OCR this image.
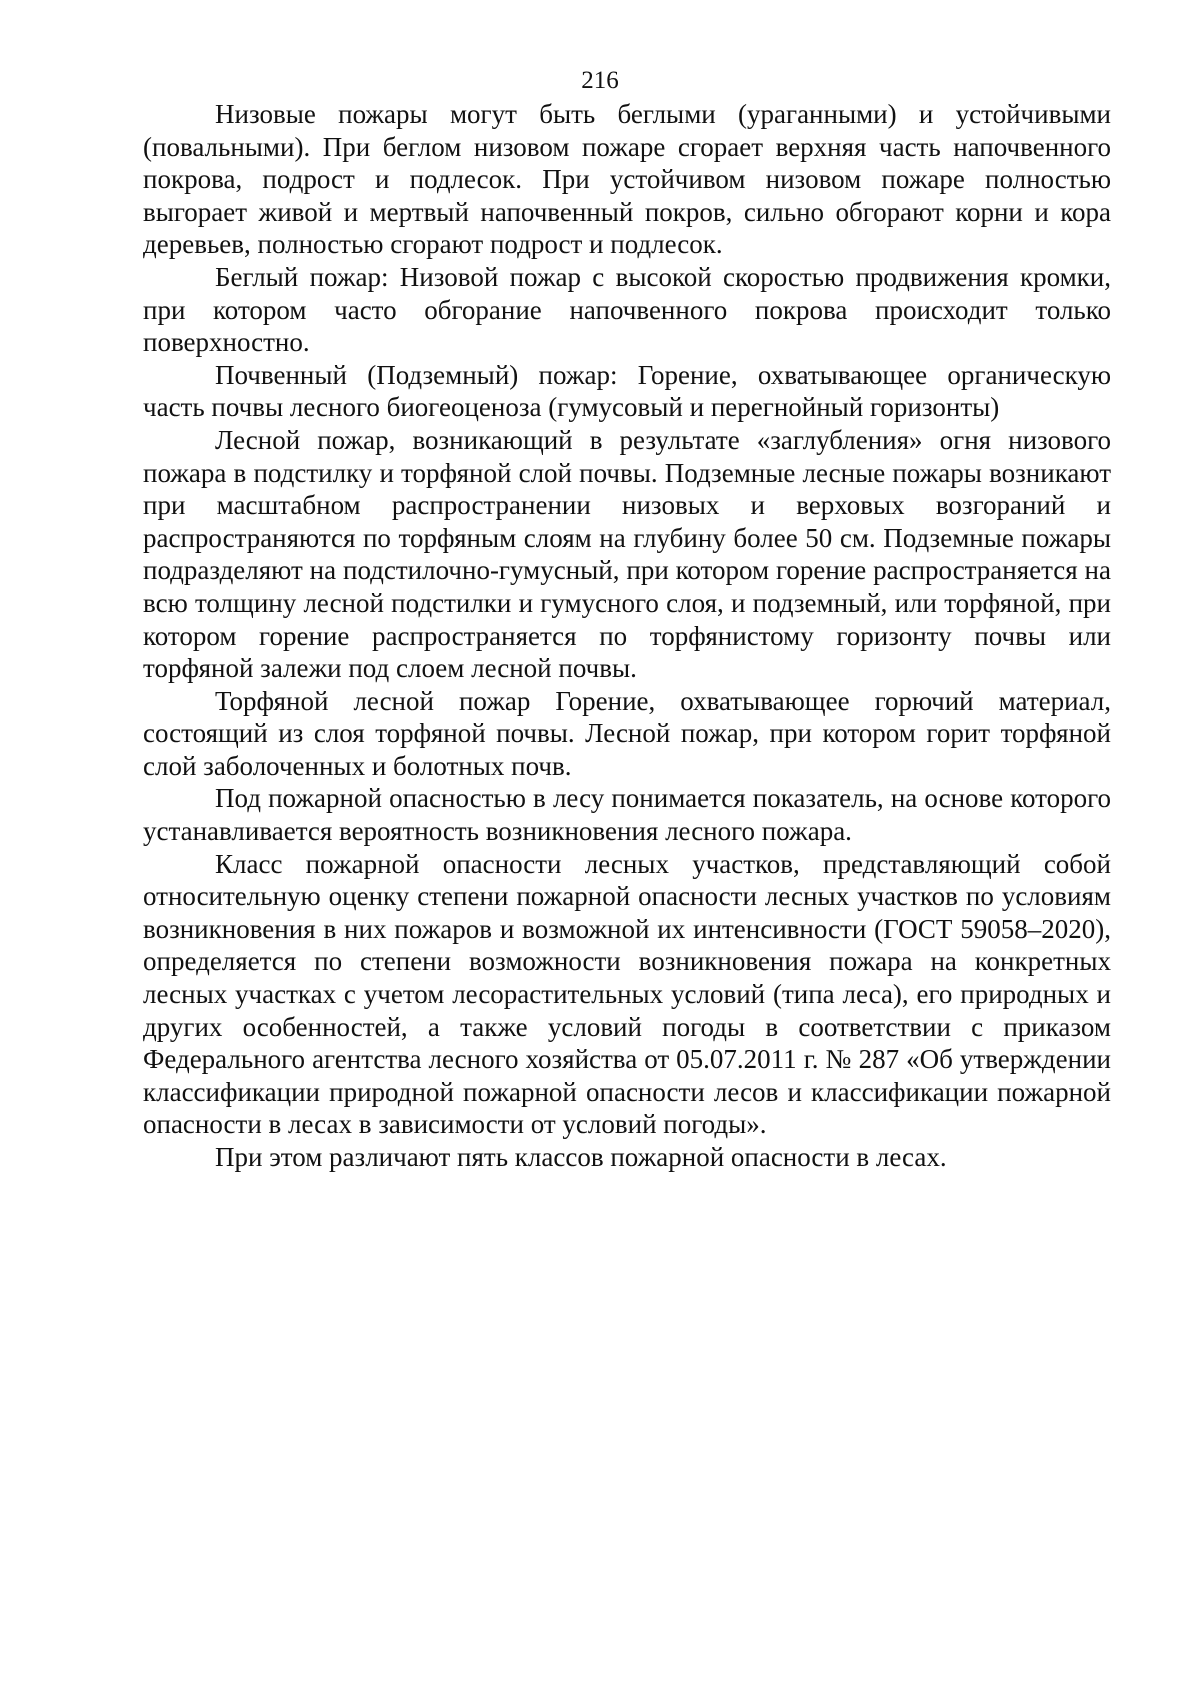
216

Низовые пожары могут быть беглыми (ураганными) и устойчивыми (повальными). При беглом низовом пожаре сгорает верхняя часть напочвенного покрова, подрост и подлесок. При устойчивом низовом пожаре полностью выгорает живой и мертвый напочвенный покров, сильно обгорают корни и кора деревьев, полностью сгорают подрост и подлесок.

Беглый пожар: Низовой пожар с высокой скоростью продвижения кромки, при котором часто обгорание напочвенного покрова происходит только поверхностно.

Почвенный (Подземный) пожар: Горение, охватывающее органическую часть почвы лесного биогеоценоза (гумусовый и перегнойный горизонты)

Лесной пожар, возникающий в результате «заглубления» огня низового пожара в подстилку и торфяной слой почвы. Подземные лесные пожары возникают при масштабном распространении низовых и верховых возгораний и распространяются по торфяным слоям на глубину более 50 см. Подземные пожары подразделяют на подстилочно-гумусный, при котором горение распространяется на всю толщину лесной подстилки и гумусного слоя, и подземный, или торфяной, при котором горение распространяется по торфянистому горизонту почвы или торфяной залежи под слоем лесной почвы.

Торфяной лесной пожар Горение, охватывающее горючий материал, состоящий из слоя торфяной почвы. Лесной пожар, при котором горит торфяной слой заболоченных и болотных почв.

Под пожарной опасностью в лесу понимается показатель, на основе которого устанавливается вероятность возникновения лесного пожара.

Класс пожарной опасности лесных участков, представляющий собой относительную оценку степени пожарной опасности лесных участков по условиям возникновения в них пожаров и возможной их интенсивности (ГОСТ 59058–2020), определяется по степени возможности возникновения пожара на конкретных лесных участках с учетом лесорастительных условий (типа леса), его природных и других особенностей, а также условий погоды в соответствии с приказом Федерального агентства лесного хозяйства от 05.07.2011 г. № 287 «Об утверждении классификации природной пожарной опасности лесов и классификации пожарной опасности в лесах в зависимости от условий погоды».

При этом различают пять классов пожарной опасности в лесах.
